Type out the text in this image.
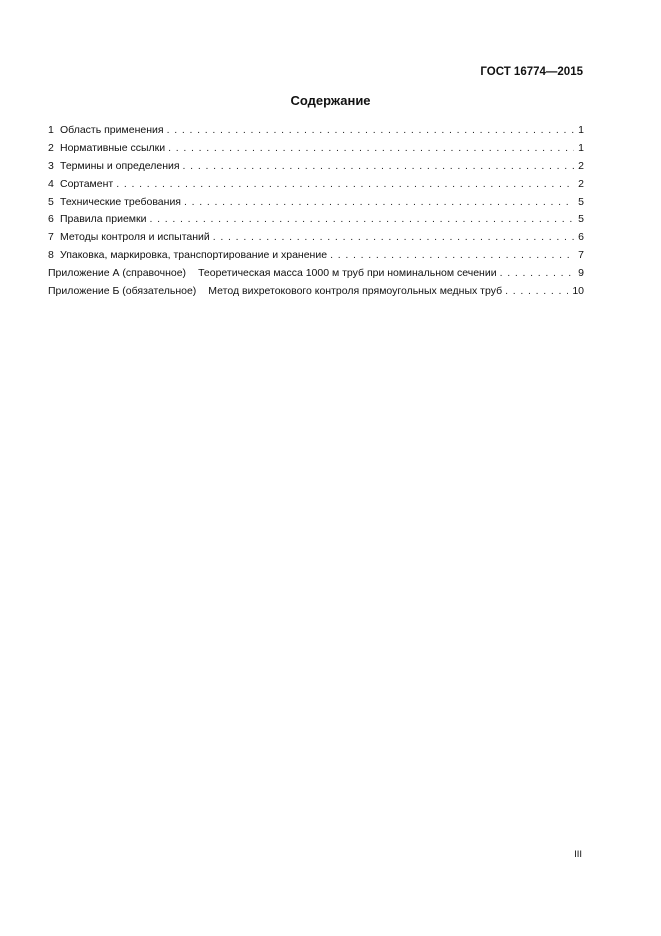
ГОСТ 16774—2015
Содержание
1 Область применения . . .	1
2 Нормативные ссылки . . .	1
3 Термины и определения . . .	2
4 Сортамент . . .	2
5 Технические требования . . .	5
6 Правила приемки . . .	5
7 Методы контроля и испытаний . . .	6
8 Упаковка, маркировка, транспортирование и хранение . . .	7
Приложение А (справочное) Теоретическая масса 1000 м труб при номинальном сечении . . .	9
Приложение Б (обязательное) Метод вихретокового контроля прямоугольных медных труб . . .	10
III
